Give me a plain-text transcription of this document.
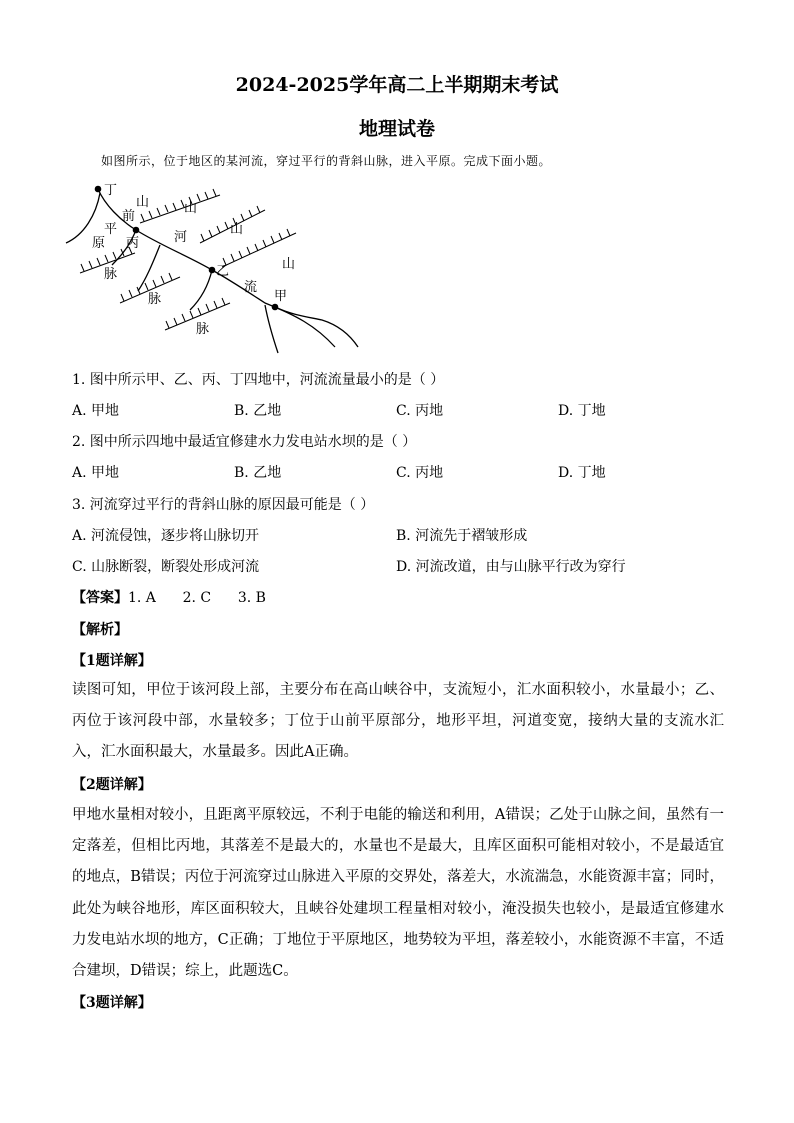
2024-2025学年高二上半期期末考试
地理试卷
如图所示，位于地区的某河流，穿过平行的背斜山脉，进入平原。完成下面小题。
丁
丙
乙
甲
山
前
平
原
山
河
山
脉
山
流
脉
脉
1. 图中所示甲、乙、丙、丁四地中，河流流量最小的是（ ）
A. 甲地	B. 乙地	C. 丙地	D. 丁地
2. 图中所示四地中最适宜修建水力发电站水坝的是（ ）
A. 甲地	B. 乙地	C. 丙地	D. 丁地
3. 河流穿过平行的背斜山脉的原因最可能是（ ）
A. 河流侵蚀，逐步将山脉切开	B. 河流先于褶皱形成
C. 山脉断裂，断裂处形成河流	D. 河流改道，由与山脉平行改为穿行
【答案】1. A      2. C      3. B
【解析】
【1题详解】
读图可知，甲位于该河段上部，主要分布在高山峡谷中，支流短小，汇水面积较小，水量最小；乙、丙位于该河段中部，水量较多；丁位于山前平原部分，地形平坦，河道变宽，接纳大量的支流水汇入，汇水面积最大，水量最多。因此A正确。
【2题详解】
甲地水量相对较小，且距离平原较远，不利于电能的输送和利用，A错误；乙处于山脉之间，虽然有一定落差，但相比丙地，其落差不是最大的，水量也不是最大，且库区面积可能相对较小，不是最适宜的地点，B错误；丙位于河流穿过山脉进入平原的交界处，落差大，水流湍急，水能资源丰富；同时，此处为峡谷地形，库区面积较大，且峡谷处建坝工程量相对较小，淹没损失也较小，是最适宜修建水力发电站水坝的地方，C正确；丁地位于平原地区，地势较为平坦，落差较小，水能资源不丰富，不适合建坝，D错误；综上，此题选C。
【3题详解】
